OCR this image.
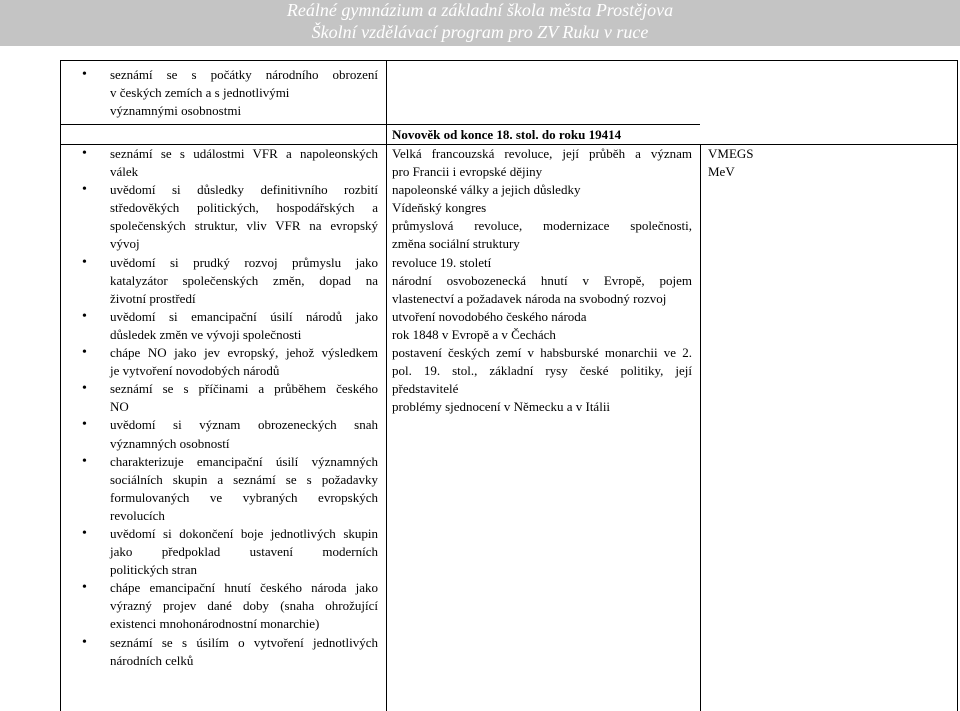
Reálné gymnázium a základní škola města Prostějova
Školní vzdělávací program pro ZV Ruku v ruce
• seznámí se s počátky národního obrození
v českých zemích a s jednotlivými
významnými osobnostmi
• seznámí se s událostmi VFR a napoleonských
válek
• uvědomí si důsledky definitivního rozbití
středověkých politických, hospodářských a
společenských struktur, vliv VFR na evropský
vývoj
• uvědomí si prudký rozvoj průmyslu jako
katalyzátor společenských změn, dopad na
životní prostředí
• uvědomí si emancipační úsilí národů jako
důsledek změn ve vývoji společnosti
• chápe NO jako jev evropský, jehož výsledkem
je vytvoření novodobých národů
• seznámí se s příčinami a průběhem českého
NO
• uvědomí si význam obrozeneckých snah
významných osobností
• charakterizuje emancipační úsilí významných
sociálních skupin a seznámí se s požadavky
formulovaných ve vybraných evropských
revolucích
• uvědomí si dokončení boje jednotlivých skupin
jako předpoklad ustavení moderních
politických stran
• chápe emancipační hnutí českého národa jako
výrazný projev dané doby (snaha ohrožující
existenci mnohonárodnostní monarchie)
• seznámí se s úsilím o vytvoření jednotlivých
národních celků
Novověk od konce 18. stol. do roku 19414
Velká francouzská revoluce, její průběh a význam
pro Francii i evropské dějiny
napoleonské války a jejich důsledky
Vídeňský kongres
průmyslová revoluce, modernizace společnosti,
změna sociální struktury
revoluce 19. století
národní osvobozenecká hnutí v Evropě, pojem
vlastenectví a požadavek národa na svobodný rozvoj
utvoření novodobého českého národa
rok 1848 v Evropě a v Čechách
postavení českých zemí v habsburské monarchii ve 2.
pol. 19. stol., základní rysy české politiky, její
představitelé
problémy sjednocení v Německu a v Itálii
VMEGS
MeV
